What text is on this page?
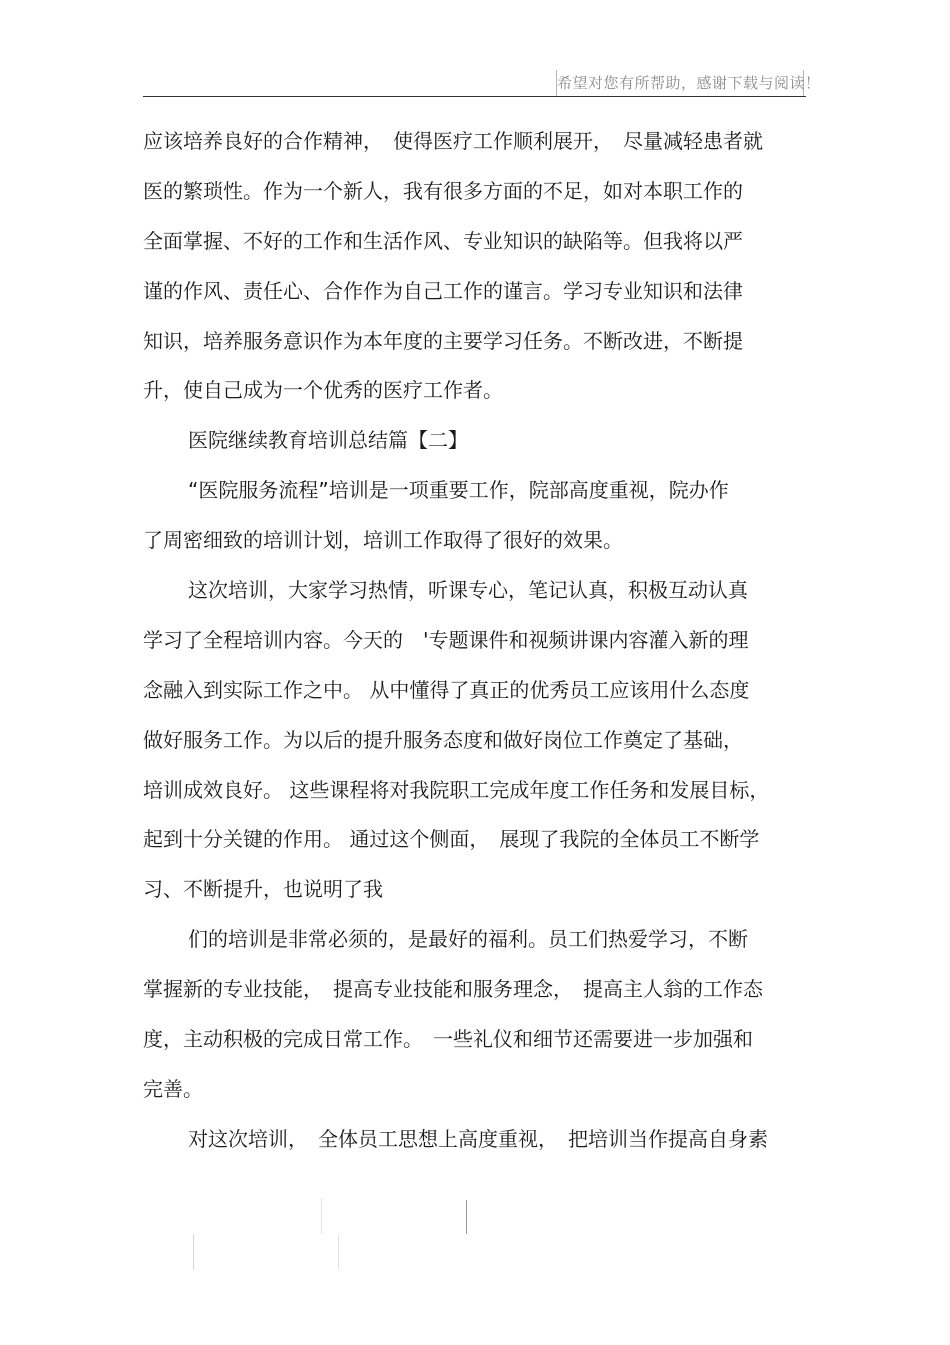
希望对您有所帮助，感谢下载与阅读！
应该培养良好的合作精神，　使得医疗工作顺利展开，　尽量减轻患者就
医的繁琐性。作为一个新人，我有很多方面的不足，如对本职工作的
全面掌握、不好的工作和生活作风、专业知识的缺陷等。但我将以严
谨的作风、责任心、合作作为自己工作的谨言。学习专业知识和法律
知识，培养服务意识作为本年度的主要学习任务。不断改进，不断提
升，使自己成为一个优秀的医疗工作者。
医院继续教育培训总结篇【二】
“医院服务流程”培训是一项重要工作，院部高度重视，院办作
了周密细致的培训计划，培训工作取得了很好的效果。
这次培训，大家学习热情，听课专心，笔记认真，积极互动认真
学习了全程培训内容。今天的　'专题课件和视频讲课内容灌入新的理
念融入到实际工作之中。 从中懂得了真正的优秀员工应该用什么态度
做好服务工作。为以后的提升服务态度和做好岗位工作奠定了基础，
培训成效良好。 这些课程将对我院职工完成年度工作任务和发展目标，
起到十分关键的作用。 通过这个侧面，　展现了我院的全体员工不断学
习、不断提升，也说明了我
们的培训是非常必须的，是最好的福利。员工们热爱学习，不断
掌握新的专业技能，　提高专业技能和服务理念，　提高主人翁的工作态
度，主动积极的完成日常工作。　一些礼仪和细节还需要进一步加强和
完善。
对这次培训，　全体员工思想上高度重视，　把培训当作提高自身素
